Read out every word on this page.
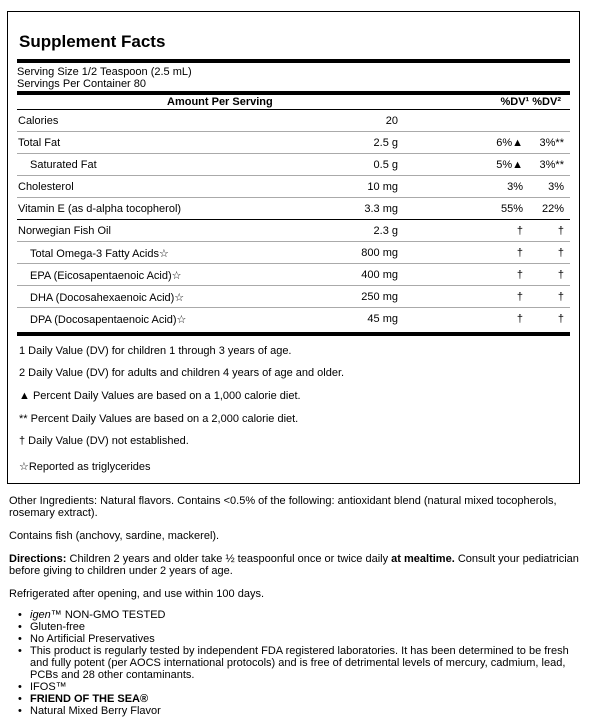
Supplement Facts
Serving Size 1/2 Teaspoon (2.5 mL)
Servings Per Container 80
Amount Per Serving	%DV¹ %DV²
Calories	20
Total Fat	2.5 g	6%▲ 3%**
Saturated Fat	0.5 g	5%▲ 3%**
Cholesterol	10 mg	3% 3%
Vitamin E (as d-alpha tocopherol)	3.3 mg	55% 22%
Norwegian Fish Oil	2.3 g	†	†
Total Omega-3 Fatty Acids☆	800 mg	†	†
EPA (Eicosapentaenoic Acid)☆	400 mg	†	†
DHA (Docosahexaenoic Acid)☆	250 mg	†	†
DPA (Docosapentaenoic Acid)☆	45 mg	†	†
1 Daily Value (DV) for children 1 through 3 years of age.
2 Daily Value (DV) for adults and children 4 years of age and older.
▲ Percent Daily Values are based on a 1,000 calorie diet.
** Percent Daily Values are based on a 2,000 calorie diet.
† Daily Value (DV) not established.
☆Reported as triglycerides

Other Ingredients: Natural flavors. Contains <0.5% of the following: antioxidant blend (natural mixed tocopherols, rosemary extract).

Contains fish (anchovy, sardine, mackerel).

Directions: Children 2 years and older take ½ teaspoonful once or twice daily at mealtime. Consult your pediatrician before giving to children under 2 years of age.

Refrigerated after opening, and use within 100 days.

• igen™ NON-GMO TESTED
• Gluten-free
• No Artificial Preservatives
• This product is regularly tested by independent FDA registered laboratories. It has been determined to be fresh and fully potent (per AOCS international protocols) and is free of detrimental levels of mercury, cadmium, lead, PCBs and 28 other contaminants.
• IFOS™
• FRIEND OF THE SEA®
• Natural Mixed Berry Flavor
